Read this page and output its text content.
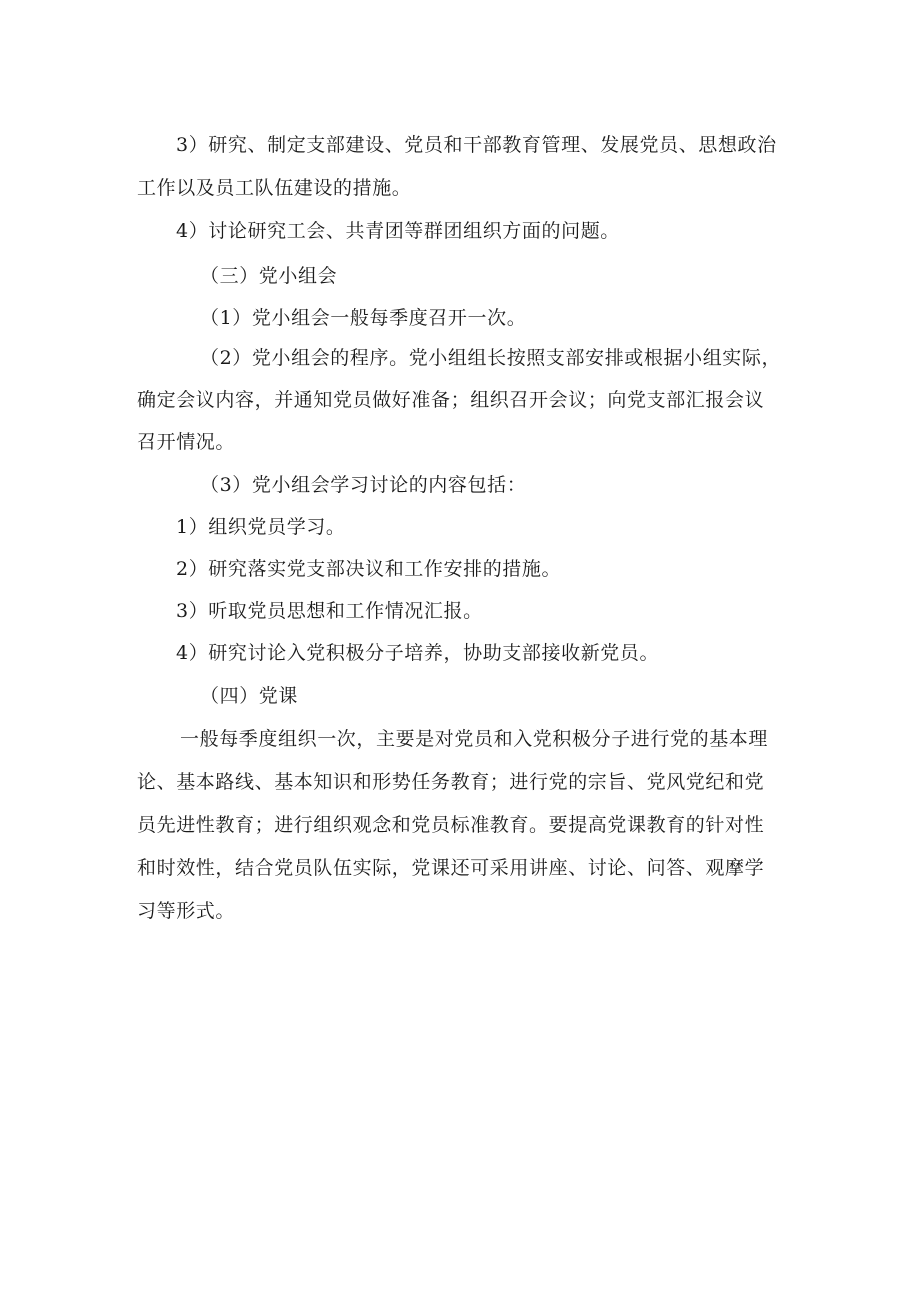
3）研究、制定支部建设、党员和干部教育管理、发展党员、思想政治
工作以及员工队伍建设的措施。
4）讨论研究工会、共青团等群团组织方面的问题。
（三）党小组会
（1）党小组会一般每季度召开一次。
（2）党小组会的程序。党小组组长按照支部安排或根据小组实际，
确定会议内容，并通知党员做好准备；组织召开会议；向党支部汇报会议
召开情况。
（3）党小组会学习讨论的内容包括：
1）组织党员学习。
2）研究落实党支部决议和工作安排的措施。
3）听取党员思想和工作情况汇报。
4）研究讨论入党积极分子培养，协助支部接收新党员。
（四）党课
一般每季度组织一次，主要是对党员和入党积极分子进行党的基本理
论、基本路线、基本知识和形势任务教育；进行党的宗旨、党风党纪和党
员先进性教育；进行组织观念和党员标准教育。要提高党课教育的针对性
和时效性，结合党员队伍实际，党课还可采用讲座、讨论、问答、观摩学
习等形式。
